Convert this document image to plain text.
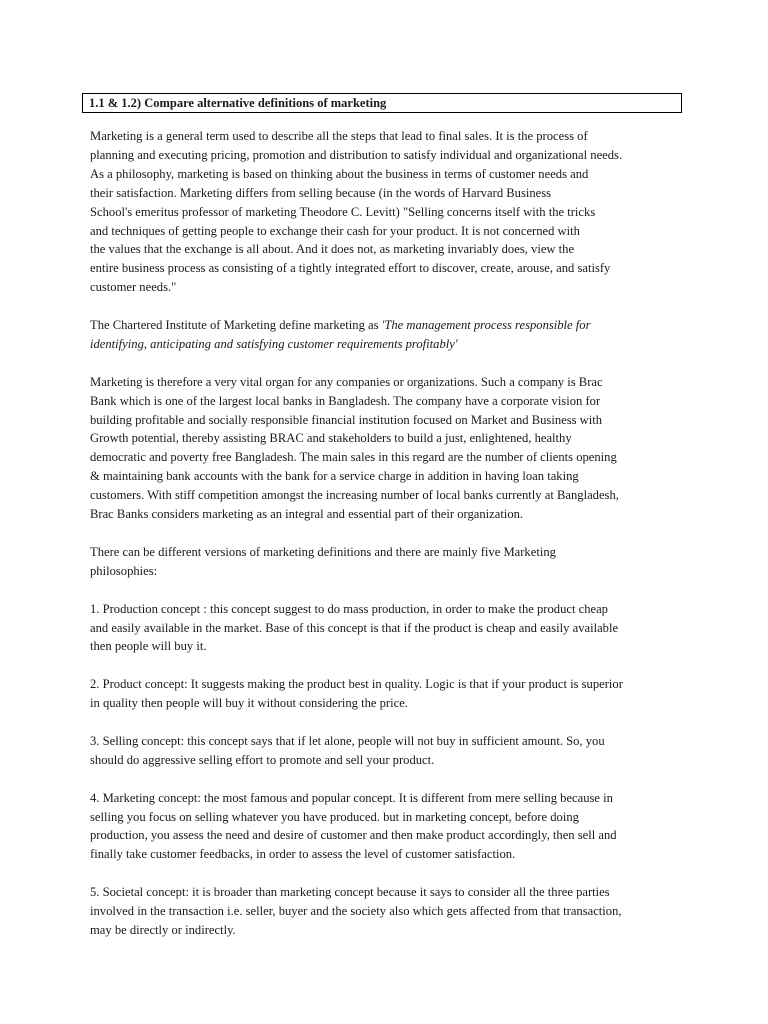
1.1 & 1.2) Compare alternative definitions of marketing

Marketing is a general term used to describe all the steps that lead to final sales. It is the process of
planning and executing pricing, promotion and distribution to satisfy individual and organizational needs.
As a philosophy, marketing is based on thinking about the business in terms of customer needs and
their satisfaction. Marketing differs from selling because (in the words of Harvard Business
School's emeritus professor of marketing Theodore C. Levitt) "Selling concerns itself with the tricks
and techniques of getting people to exchange their cash for your product. It is not concerned with
the values that the exchange is all about. And it does not, as marketing invariably does, view the
entire business process as consisting of a tightly integrated effort to discover, create, arouse, and satisfy
customer needs."

The Chartered Institute of Marketing define marketing as 'The management process responsible for
identifying, anticipating and satisfying customer requirements profitably'

Marketing is therefore a very vital organ for any companies or organizations. Such a company is Brac
Bank which is one of the largest local banks in Bangladesh. The company have a corporate vision for
building profitable and socially responsible financial institution focused on Market and Business with
Growth potential, thereby assisting BRAC and stakeholders to build a just, enlightened, healthy
democratic and poverty free Bangladesh. The main sales in this regard are the number of clients opening
& maintaining bank accounts with the bank for a service charge in addition in having loan taking
customers. With stiff competition amongst the increasing number of local banks currently at Bangladesh,
Brac Banks considers marketing as an integral and essential part of their organization.

There can be different versions of marketing definitions and there are mainly five Marketing
philosophies:

1. Production concept : this concept suggest to do mass production, in order to make the product cheap
and easily available in the market. Base of this concept is that if the product is cheap and easily available
then people will buy it.

2. Product concept: It suggests making the product best in quality. Logic is that if your product is superior
in quality then people will buy it without considering the price.

3. Selling concept: this concept says that if let alone, people will not buy in sufficient amount. So, you
should do aggressive selling effort to promote and sell your product.

4. Marketing concept: the most famous and popular concept. It is different from mere selling because in
selling you focus on selling whatever you have produced. but in marketing concept, before doing
production, you assess the need and desire of customer and then make product accordingly, then sell and
finally take customer feedbacks, in order to assess the level of customer satisfaction.

5. Societal concept: it is broader than marketing concept because it says to consider all the three parties
involved in the transaction i.e. seller, buyer and the society also which gets affected from that transaction,
may be directly or indirectly.
